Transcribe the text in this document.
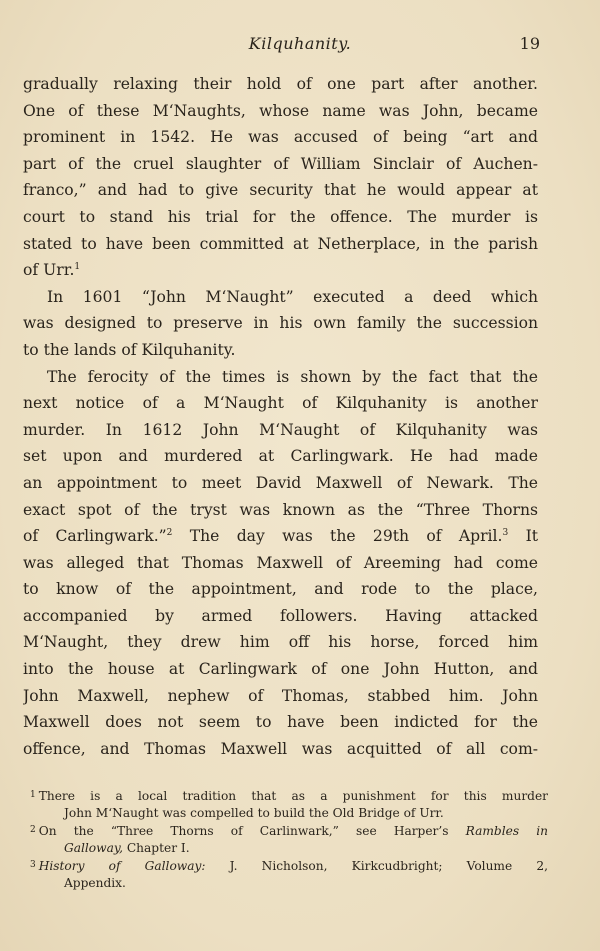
Kilquhanity.	19
gradually relaxing their hold of one part after another.
One of these M‘Naughts, whose name was John, became
prominent in 1542. He was accused of being “art and
part of the cruel slaughter of William Sinclair of Auchen-
franco,” and had to give security that he would appear at
court to stand his trial for the offence. The murder is
stated to have been committed at Netherplace, in the parish
of Urr.$^1$
In 1601 “John M‘Naught” executed a deed which
was designed to preserve in his own family the succession
to the lands of Kilquhanity.
The ferocity of the times is shown by the fact that the
next notice of a M‘Naught of Kilquhanity is another
murder. In 1612 John M‘Naught of Kilquhanity was
set upon and murdered at Carlingwark. He had made
an appointment to meet David Maxwell of Newark. The
exact spot of the tryst was known as the “Three Thorns
of Carlingwark.”$^2$ The day was the 29th of April.$^3$ It
was alleged that Thomas Maxwell of Areeming had come
to know of the appointment, and rode to the place,
accompanied by armed followers. Having attacked
M‘Naught, they drew him off his horse, forced him
into the house at Carlingwark of one John Hutton, and
John Maxwell, nephew of Thomas, stabbed him. John
Maxwell does not seem to have been indicted for the
offence, and Thomas Maxwell was acquitted of all com-
$^1$ There is a local tradition that as a punishment for this murder
John M‘Naught was compelled to build the Old Bridge of Urr.
$^2$ On the “Three Thorns of Carlinwark,” see Harper’s Rambles in
Galloway, Chapter I.
$^3$ History of Galloway: J. Nicholson, Kirkcudbright; Volume 2,
Appendix.
